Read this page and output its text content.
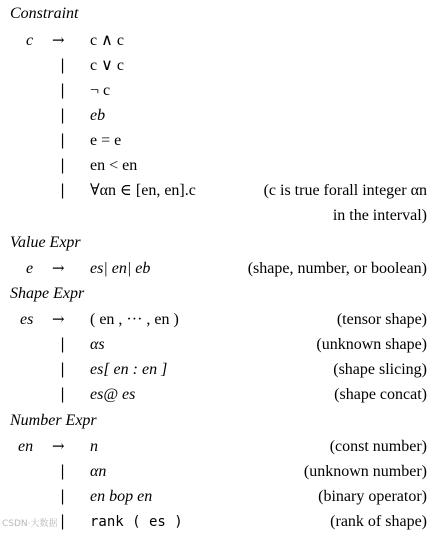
Constraint
c → c ∧ c
| c ∨ c
| ¬ c
| eb
| e = e
| en < en
| ∀αn ∈ [en, en].c	(c is true forall integer αn
in the interval)
Value Expr
e → es| en| eb	(shape, number, or boolean)
Shape Expr
es → ( en , ··· , en )	(tensor shape)
| αs	(unknown shape)
| es[ en : en ]	(shape slicing)
| es@ es	(shape concat)
Number Expr
en → n	(const number)
| αn	(unknown number)
| en bop en	(binary operator)
| rank ( es )	(rank of shape)
CSDN·大数据
